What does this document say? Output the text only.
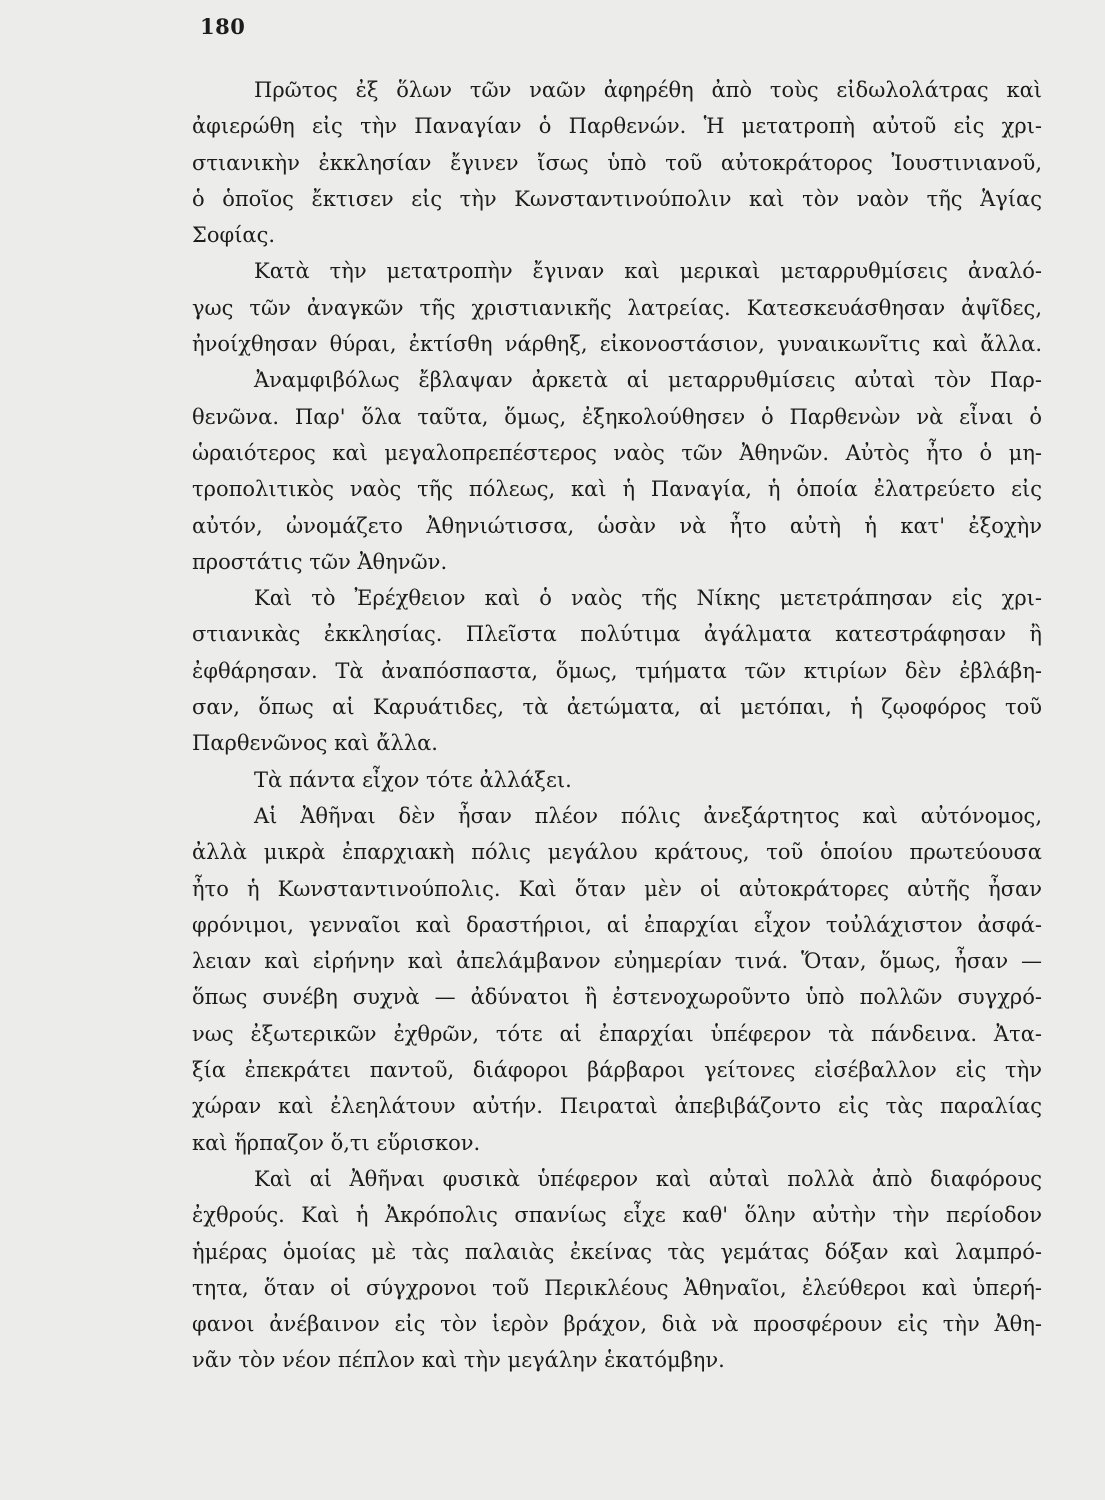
180
Πρῶτος ἐξ ὅλων τῶν ναῶν ἀφηρέθη ἀπὸ τοὺς εἰδωλολάτρας καὶ
ἀφιερώθη εἰς τὴν Παναγίαν ὁ Παρθενών. Ἡ μετατροπὴ αὐτοῦ εἰς χρι-
στιανικὴν ἐκκλησίαν ἔγινεν ἴσως ὑπὸ τοῦ αὐτοκράτορος Ἰουστινιανοῦ,
ὁ ὁποῖος ἔκτισεν εἰς τὴν Κωνσταντινούπολιν καὶ τὸν ναὸν τῆς Ἁγίας
Σοφίας.
Κατὰ τὴν μετατροπὴν ἔγιναν καὶ μερικαὶ μεταρρυθμίσεις ἀναλό-
γως τῶν ἀναγκῶν τῆς χριστιανικῆς λατρείας. Κατεσκευάσθησαν ἀψῖδες,
ἠνοίχθησαν θύραι, ἐκτίσθη νάρθηξ, εἰκονοστάσιον, γυναικωνῖτις καὶ ἄλλα.
Ἀναμφιβόλως ἔβλαψαν ἀρκετὰ αἱ μεταρρυθμίσεις αὐταὶ τὸν Παρ-
θενῶνα. Παρ' ὅλα ταῦτα, ὅμως, ἐξηκολούθησεν ὁ Παρθενὼν νὰ εἶναι ὁ
ὡραιότερος καὶ μεγαλοπρεπέστερος ναὸς τῶν Ἀθηνῶν. Αὐτὸς ἦτο ὁ μη-
τροπολιτικὸς ναὸς τῆς πόλεως, καὶ ἡ Παναγία, ἡ ὁποία ἐλατρεύετο εἰς
αὐτόν, ὠνομάζετο Ἀθηνιώτισσα, ὡσὰν νὰ ἦτο αὐτὴ ἡ κατ' ἐξοχὴν
προστάτις τῶν Ἀθηνῶν.
Καὶ τὸ Ἐρέχθειον καὶ ὁ ναὸς τῆς Νίκης μετετράπησαν εἰς χρι-
στιανικὰς ἐκκλησίας. Πλεῖστα πολύτιμα ἀγάλματα κατεστράφησαν ἢ
ἐφθάρησαν. Τὰ ἀναπόσπαστα, ὅμως, τμήματα τῶν κτιρίων δὲν ἐβλάβη-
σαν, ὅπως αἱ Καρυάτιδες, τὰ ἀετώματα, αἱ μετόπαι, ἡ ζῳοφόρος τοῦ
Παρθενῶνος καὶ ἄλλα.
Τὰ πάντα εἶχον τότε ἀλλάξει.
Αἱ Ἀθῆναι δὲν ἦσαν πλέον πόλις ἀνεξάρτητος καὶ αὐτόνομος,
ἀλλὰ μικρὰ ἐπαρχιακὴ πόλις μεγάλου κράτους, τοῦ ὁποίου πρωτεύουσα
ἦτο ἡ Κωνσταντινούπολις. Καὶ ὅταν μὲν οἱ αὐτοκράτορες αὐτῆς ἦσαν
φρόνιμοι, γενναῖοι καὶ δραστήριοι, αἱ ἐπαρχίαι εἶχον τοὐλάχιστον ἀσφά-
λειαν καὶ εἰρήνην καὶ ἀπελάμβανον εὐημερίαν τινά. Ὅταν, ὅμως, ἦσαν —
ὅπως συνέβη συχνὰ — ἀδύνατοι ἢ ἐστενοχωροῦντο ὑπὸ πολλῶν συγχρό-
νως ἐξωτερικῶν ἐχθρῶν, τότε αἱ ἐπαρχίαι ὑπέφερον τὰ πάνδεινα. Ἀτα-
ξία ἐπεκράτει παντοῦ, διάφοροι βάρβαροι γείτονες εἰσέβαλλον εἰς τὴν
χώραν καὶ ἐλεηλάτουν αὐτήν. Πειραταὶ ἀπεβιβάζοντο εἰς τὰς παραλίας
καὶ ἥρπαζον ὅ,τι εὕρισκον.
Καὶ αἱ Ἀθῆναι φυσικὰ ὑπέφερον καὶ αὐταὶ πολλὰ ἀπὸ διαφόρους
ἐχθρούς. Καὶ ἡ Ἀκρόπολις σπανίως εἶχε καθ' ὅλην αὐτὴν τὴν περίοδον
ἡμέρας ὁμοίας μὲ τὰς παλαιὰς ἐκείνας τὰς γεμάτας δόξαν καὶ λαμπρό-
τητα, ὅταν οἱ σύγχρονοι τοῦ Περικλέους Ἀθηναῖοι, ἐλεύθεροι καὶ ὑπερή-
φανοι ἀνέβαινον εἰς τὸν ἱερὸν βράχον, διὰ νὰ προσφέρουν εἰς τὴν Ἀθη-
νᾶν τὸν νέον πέπλον καὶ τὴν μεγάλην ἑκατόμβην.
